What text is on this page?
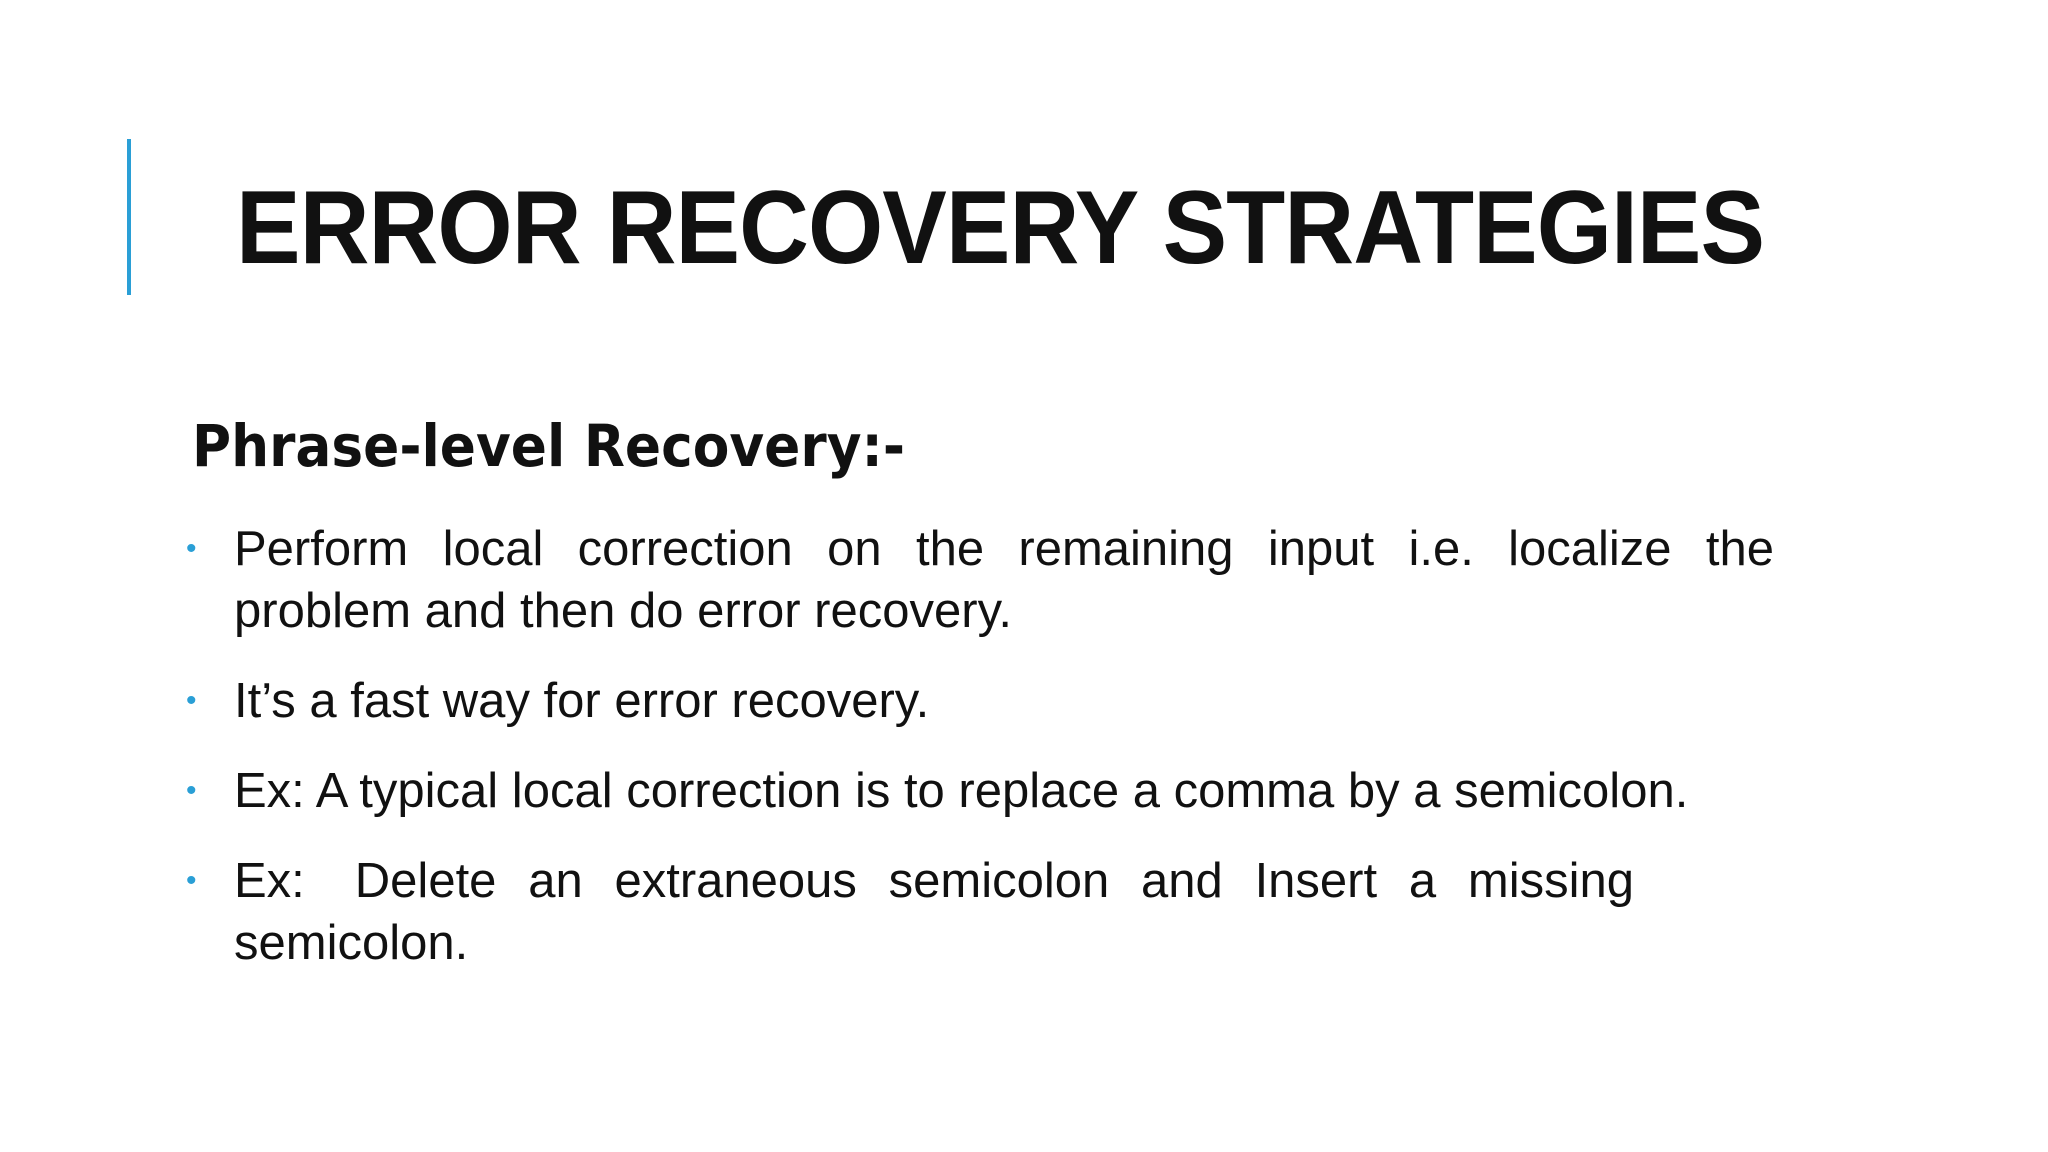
ERROR RECOVERY STRATEGIES
Phrase-level Recovery:-
• Perform local correction on the remaining input i.e. localize the problem and then do error recovery.
• It’s a fast way for error recovery.
• Ex: A typical local correction is to replace a comma by a semicolon.
• Ex: Delete an extraneous semicolon and Insert a missing semicolon.
